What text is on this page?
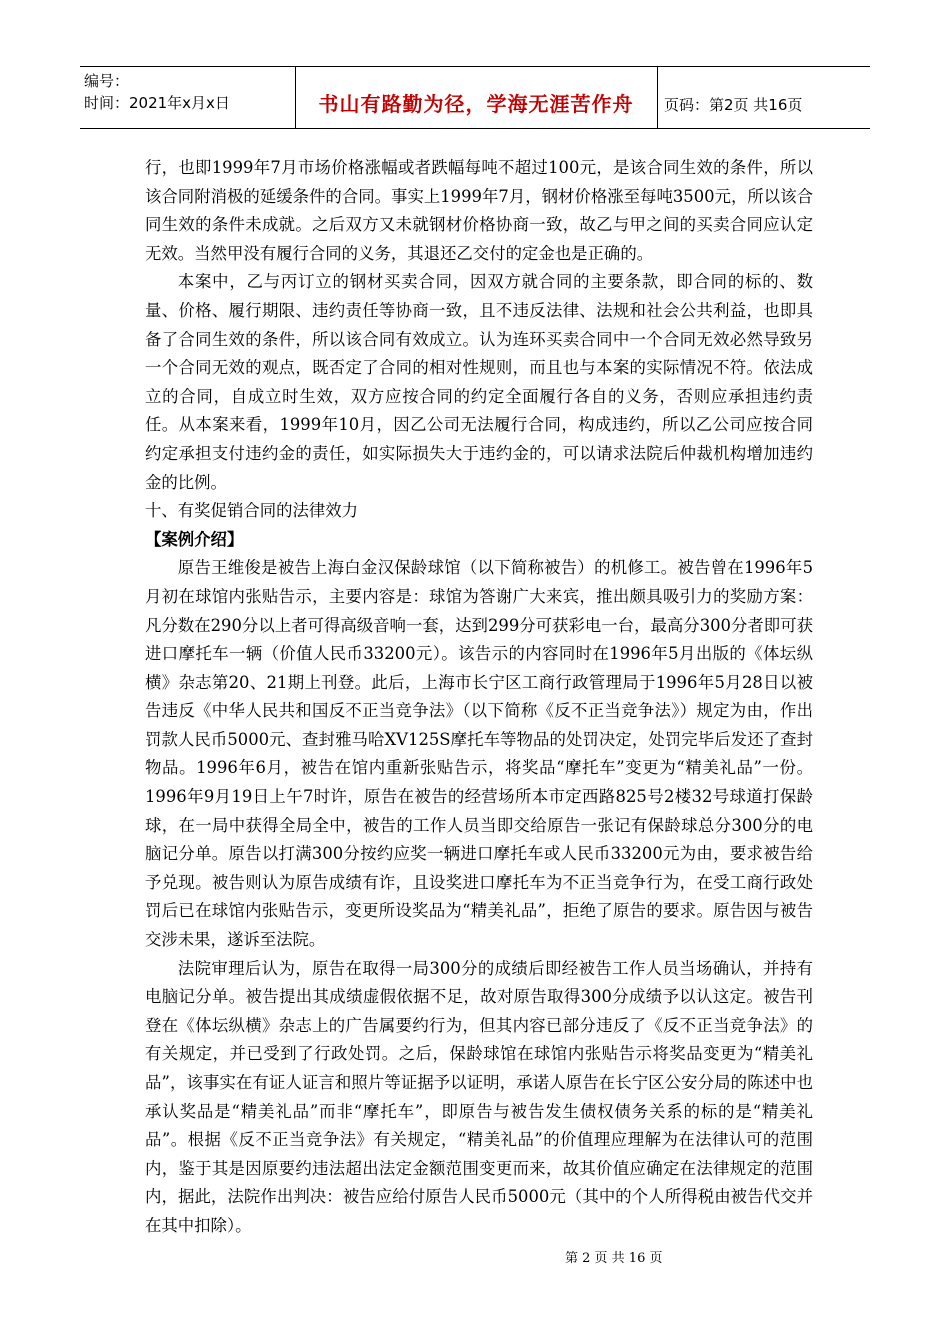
编号：
时间：2021年x月x日	书山有路勤为径，学海无涯苦作舟	页码：第2页 共16页

行，也即1999年7月市场价格涨幅或者跌幅每吨不超过100元，是该合同生效的条件，所以该合同附消极的延缓条件的合同。事实上1999年7月，钢材价格涨至每吨3500元，所以该合同生效的条件未成就。之后双方又未就钢材价格协商一致，故乙与甲之间的买卖合同应认定无效。当然甲没有履行合同的义务，其退还乙交付的定金也是正确的。

本案中，乙与丙订立的钢材买卖合同，因双方就合同的主要条款，即合同的标的、数量、价格、履行期限、违约责任等协商一致，且不违反法律、法规和社会公共利益，也即具备了合同生效的条件，所以该合同有效成立。认为连环买卖合同中一个合同无效必然导致另一个合同无效的观点，既否定了合同的相对性规则，而且也与本案的实际情况不符。依法成立的合同，自成立时生效，双方应按合同的约定全面履行各自的义务，否则应承担违约责任。从本案来看，1999年10月，因乙公司无法履行合同，构成违约，所以乙公司应按合同约定承担支付违约金的责任，如实际损失大于违约金的，可以请求法院后仲裁机构增加违约金的比例。

十、有奖促销合同的法律效力

【案例介绍】

原告王维俊是被告上海白金汉保龄球馆（以下简称被告）的机修工。被告曾在1996年5月初在球馆内张贴告示，主要内容是：球馆为答谢广大来宾，推出颇具吸引力的奖励方案：凡分数在290分以上者可得高级音响一套，达到299分可获彩电一台，最高分300分者即可获进口摩托车一辆（价值人民币33200元）。该告示的内容同时在1996年5月出版的《体坛纵横》杂志第20、21期上刊登。此后，上海市长宁区工商行政管理局于1996年5月28日以被告违反《中华人民共和国反不正当竞争法》（以下简称《反不正当竞争法》）规定为由，作出罚款人民币5000元、查封雅马哈XV125S摩托车等物品的处罚决定，处罚完毕后发还了查封物品。1996年6月，被告在馆内重新张贴告示，将奖品“摩托车”变更为“精美礼品”一份。1996年9月19日上午7时许，原告在被告的经营场所本市定西路825号2楼32号球道打保龄球，在一局中获得全局全中，被告的工作人员当即交给原告一张记有保龄球总分300分的电脑记分单。原告以打满300分按约应奖一辆进口摩托车或人民币33200元为由，要求被告给予兑现。被告则认为原告成绩有诈，且设奖进口摩托车为不正当竞争行为，在受工商行政处罚后已在球馆内张贴告示，变更所设奖品为“精美礼品”，拒绝了原告的要求。原告因与被告交涉未果，遂诉至法院。

法院审理后认为，原告在取得一局300分的成绩后即经被告工作人员当场确认，并持有电脑记分单。被告提出其成绩虚假依据不足，故对原告取得300分成绩予以认这定。被告刊登在《体坛纵横》杂志上的广告属要约行为，但其内容已部分违反了《反不正当竞争法》的有关规定，并已受到了行政处罚。之后，保龄球馆在球馆内张贴告示将奖品变更为“精美礼品”，该事实在有证人证言和照片等证据予以证明，承诺人原告在长宁区公安分局的陈述中也承认奖品是“精美礼品”而非“摩托车”，即原告与被告发生债权债务关系的标的是“精美礼品”。根据《反不正当竞争法》有关规定，“精美礼品”的价值理应理解为在法律认可的范围内，鉴于其是因原要约违法超出法定金额范围变更而来，故其价值应确定在法律规定的范围内，据此，法院作出判决：被告应给付原告人民币5000元（其中的个人所得税由被告代交并在其中扣除）。

第 2 页 共 16 页
